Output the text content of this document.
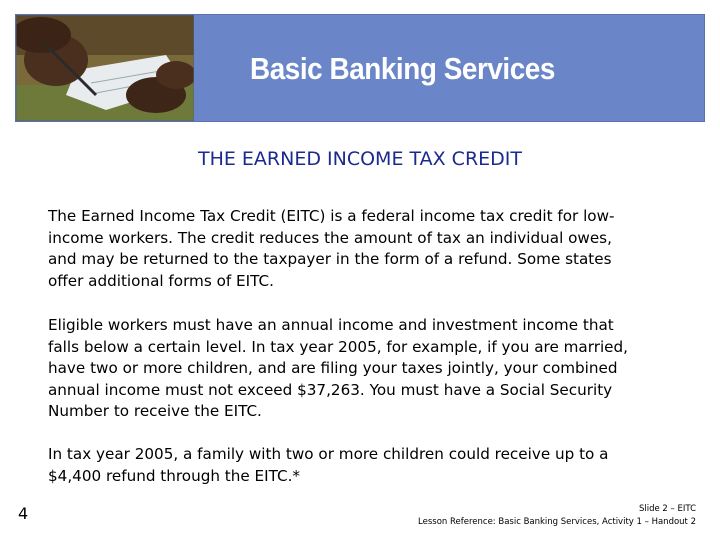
Basic Banking Services
THE EARNED INCOME TAX CREDIT
The Earned Income Tax Credit (EITC) is a federal income tax credit for low-
income workers. The credit reduces the amount of tax an individual owes,
and may be returned to the taxpayer in the form of a refund. Some states
offer additional forms of EITC.
Eligible workers must have an annual income and investment income that
falls below a certain level. In tax year 2005, for example, if you are married,
have two or more children, and are filing your taxes jointly, your combined
annual income must not exceed $37,263. You must have a Social Security
Number to receive the EITC.
In tax year 2005, a family with two or more children could receive up to a
$4,400 refund through the EITC.*
4	Slide 2 – EITC
Lesson Reference: Basic Banking Services, Activity 1 – Handout 2
